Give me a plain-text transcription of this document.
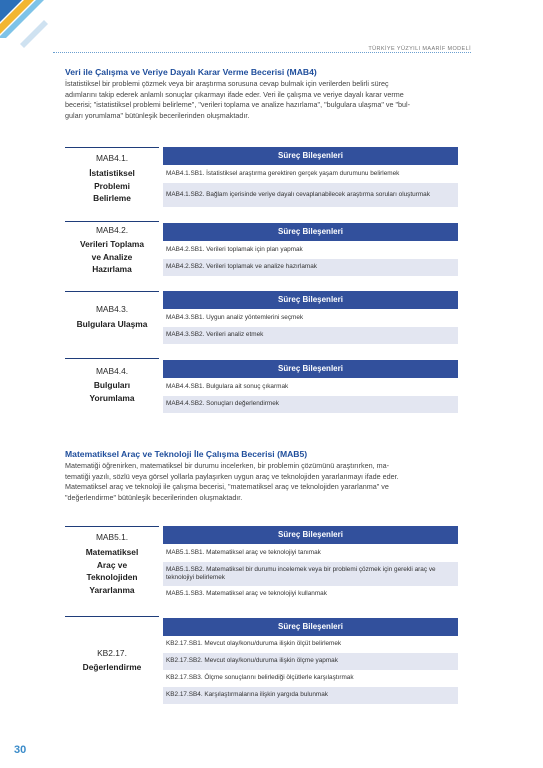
TÜRKİYE YÜZYILI MAARİF MODELİ
Veri ile Çalışma ve Veriye Dayalı Karar Verme Becerisi (MAB4)
İstatistiksel bir problemi çözmek veya bir araştırma sorusuna cevap bulmak için verilerden belirli süreç
adımlarını takip ederek anlamlı sonuçlar çıkarmayı ifade eder. Veri ile çalışma ve veriye dayalı karar verme
becerisi; "istatistiksel problemi belirleme", "verileri toplama ve analize hazırlama", "bulgulara ulaşma" ve "bul-
guları yorumlama" bütünleşik becerilerinden oluşmaktadır.
MAB4.1.
İstatistiksel
Problemi
Belirleme
Süreç Bileşenleri
MAB4.1.SB1. İstatistiksel araştırma gerektiren gerçek yaşam durumunu belirlemek
MAB4.1.SB2. Bağlam içerisinde veriye dayalı cevaplanabilecek araştırma soruları oluşturmak
MAB4.2.
Verileri Toplama
ve Analize
Hazırlama
Süreç Bileşenleri
MAB4.2.SB1. Verileri toplamak için plan yapmak
MAB4.2.SB2. Verileri toplamak ve analize hazırlamak
MAB4.3.
Bulgulara Ulaşma
Süreç Bileşenleri
MAB4.3.SB1. Uygun analiz yöntemlerini seçmek
MAB4.3.SB2. Verileri analiz etmek
MAB4.4.
Bulguları
Yorumlama
Süreç Bileşenleri
MAB4.4.SB1. Bulgulara ait sonuç çıkarmak
MAB4.4.SB2. Sonuçları değerlendirmek
Matematiksel Araç ve Teknoloji İle Çalışma Becerisi (MAB5)
Matematiği öğrenirken, matematiksel bir durumu incelerken, bir problemin çözümünü araştırırken, ma-
tematiği yazılı, sözlü veya görsel yollarla paylaşırken uygun araç ve teknolojiden yararlanmayı ifade eder.
Matematiksel araç ve teknoloji ile çalışma becerisi, "matematiksel araç ve teknolojiden yararlanma" ve
"değerlendirme" bütünleşik becerilerinden oluşmaktadır.
MAB5.1.
Matematiksel
Araç ve
Teknolojiden
Yararlanma
Süreç Bileşenleri
MAB5.1.SB1. Matematiksel araç ve teknolojiyi tanımak
MAB5.1.SB2. Matematiksel bir durumu incelemek veya bir problemi çözmek için gerekli araç ve teknolojiyi belirlemek
MAB5.1.SB3. Matematiksel araç ve teknolojiyi kullanmak
KB2.17.
Değerlendirme
Süreç Bileşenleri
KB2.17.SB1. Mevcut olay/konu/duruma ilişkin ölçüt belirlemek
KB2.17.SB2. Mevcut olay/konu/duruma ilişkin ölçme yapmak
KB2.17.SB3. Ölçme sonuçlarını belirlediği ölçütlerle karşılaştırmak
KB2.17.SB4. Karşılaştırmalarına ilişkin yargıda bulunmak
30
